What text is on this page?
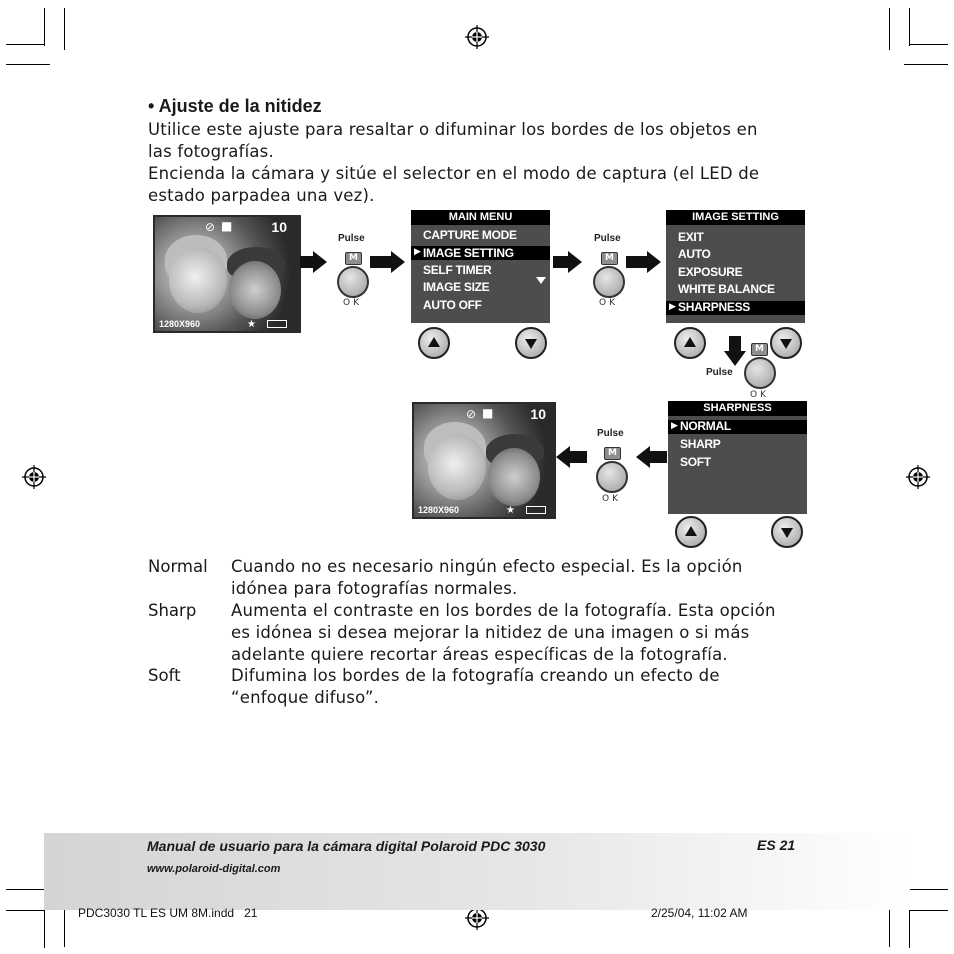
• Ajuste de la nitidez
Utilice este ajuste para resaltar o difuminar los bordes de los objetos en
las fotografías.
Encienda la cámara y sitúe el selector en el modo de captura (el LED de
estado parpadea una vez).
⊘ ■	10
1280X960	★
Pulse
M
OK
MAIN MENU
CAPTURE MODE
▶ IMAGE SETTING
SELF TIMER
IMAGE SIZE
AUTO OFF
Pulse
M
OK
IMAGE SETTING
EXIT
AUTO
EXPOSURE
WHITE BALANCE
▶ SHARPNESS
Pulse
M
OK
⊘ ■	10
1280X960	★
Pulse
M
OK
SHARPNESS
▶ NORMAL
SHARP
SOFT
Normal Cuando no es necesario ningún efecto especial. Es la opción
idónea para fotografías normales.
Sharp Aumenta el contraste en los bordes de la fotografía. Esta opción
es idónea si desea mejorar la nitidez de una imagen o si más
adelante quiere recortar áreas específicas de la fotografía.
Soft	Difumina los bordes de la fotografía creando un efecto de
“enfoque difuso”.
Manual de usuario para la cámara digital Polaroid PDC 3030	ES 21
www.polaroid-digital.com
PDC3030 TL ES UM 8M.indd   21	2/25/04, 11:02 AM
